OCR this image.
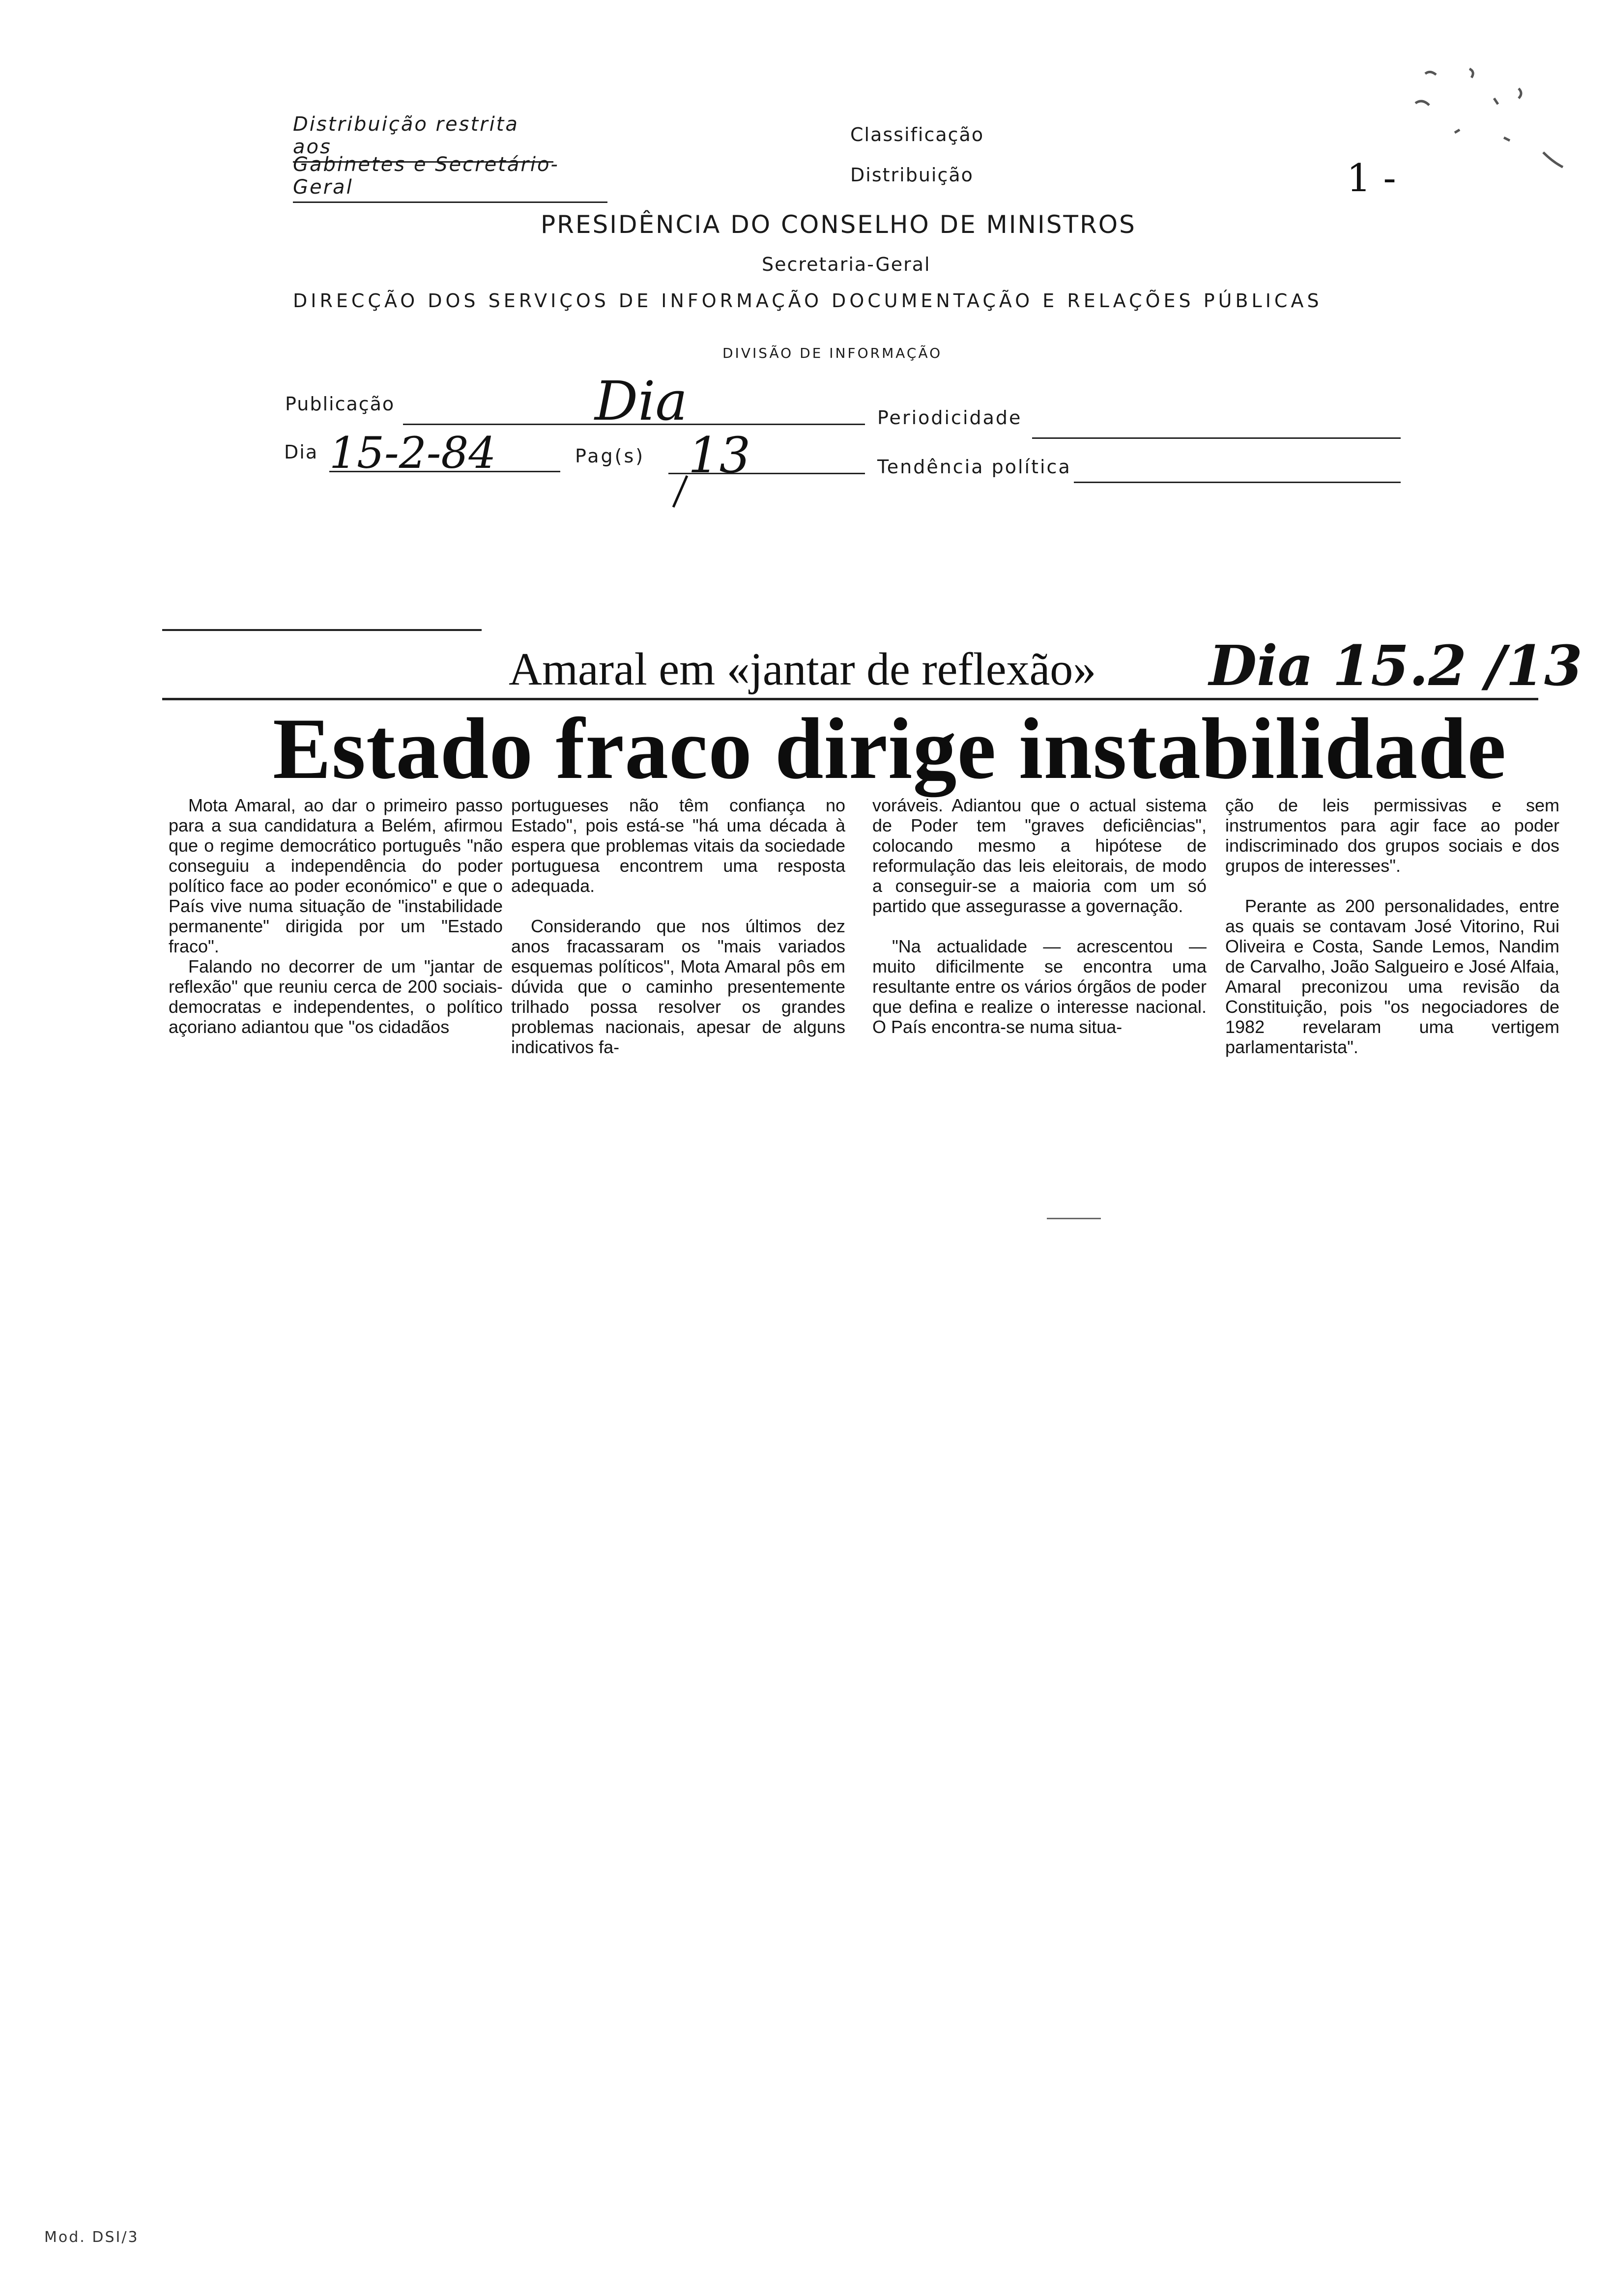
Distribuição restrita aos
Gabinetes e Secretário-Geral
Classificação
Distribuição	1 -
PRESIDÊNCIA DO CONSELHO DE MINISTROS
Secretaria-Geral
DIRECÇÃO DOS SERVIÇOS DE INFORMAÇÃO DOCUMENTAÇÃO E RELAÇÕES PÚBLICAS
DIVISÃO DE INFORMAÇÃO
Publicação	Dia	Periodicidade
Dia 15-2-84	Pag(s) 13	Tendência política
Amaral em «jantar de reflexão» Dia 15.2 /13
Estado fraco dirige instabilidade

Mota Amaral, ao dar o primeiro passo para a sua candidatura a Belém, afirmou que o regime democrático português "não conseguiu a independência do poder político face ao poder económico" e que o País vive numa situação de "instabilidade permanente" dirigida por um "Estado fraco".

Falando no decorrer de um "jantar de reflexão" que reuniu cerca de 200 sociais-democratas e independentes, o político açoriano adiantou que "os cidadãos

portugueses não têm confiança no Estado", pois está-se "há uma década à espera que problemas vitais da sociedade portuguesa encontrem uma resposta adequada.

Considerando que nos últimos dez anos fracassaram os "mais variados esquemas políticos", Mota Amaral pôs em dúvida que o caminho presentemente trilhado possa resolver os grandes problemas nacionais, apesar de alguns indicativos fa-

voráveis. Adiantou que o actual sistema de Poder tem "graves deficiências", colocando mesmo a hipótese de reformulação das leis eleitorais, de modo a conseguir-se a maioria com um só partido que assegurasse a governação.

"Na actualidade — acrescentou — muito dificilmente se encontra uma resultante entre os vários órgãos de poder que defina e realize o interesse nacional. O País encontra-se numa situa-

ção de leis permissivas e sem instrumentos para agir face ao poder indiscriminado dos grupos sociais e dos grupos de interesses".

Perante as 200 personalidades, entre as quais se contavam José Vitorino, Rui Oliveira e Costa, Sande Lemos, Nandim de Carvalho, João Salgueiro e José Alfaia, Amaral preconizou uma revisão da Constituição, pois "os negociadores de 1982 revelaram uma vertigem parlamentarista".

Mod. DSI/3
